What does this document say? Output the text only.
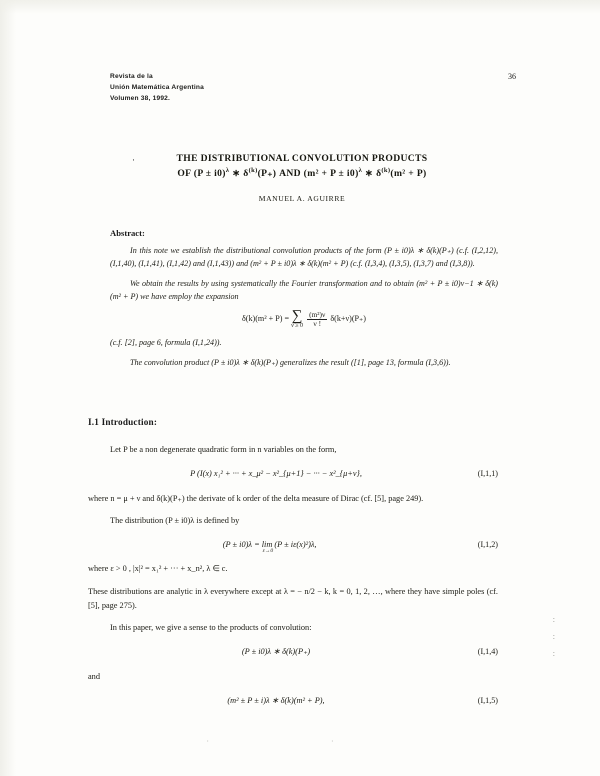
Revista de la
Unión Matemática Argentina
Volumen 38, 1992.
36
·	THE DISTRIBUTIONAL CONVOLUTION PRODUCTS
OF $(P \pm i0)^\lambda$ ∗ $\delta^{(k)}(P_+)$ AND $(m^2 + P \pm i0)^\lambda$ ∗ $\delta^{(k)}(m^2 + P)$
MANUEL A. AGUIRRE
Abstract:

In this note we establish the distributional convolution products of the form (P ± i0)λ ∗ δ(k)(P₊) (c.f. (I,2,12), (I,1,40), (I,1,41), (I,1,42) and (I,1,43)) and (m² + P ± i0)λ ∗ δ(k)(m² + P) (c.f. (I,3,4), (I,3,5), (I,3,7) and (I,3,8)).

We obtain the results by using systematically the Fourier transformation and to obtain (m² + P ± i0)ν−1 ∗ δ(k)(m² + P) we have employ the expansion

δ(k)(m² + P) = ∑
ν ≥ 0
$\frac{\text{(m²)ν}}{\nu !} \delta(k+\nu)(P_+)$

(c.f. [2], page 6, formula (I,1,24)).

The convolution product (P ± i0)λ ∗ δ(k)(P₊) generalizes the result ([1], page 13, formula (I,3,6)).

I.1 Introduction:

Let P be a non degenerate quadratic form in n variables on the form,

P (I(x) x₁² + ··· + x_μ² − x²_{μ+1} − ··· − x²_{μ+ν},	(I,1,1)

where n = μ + ν and δ(k)(P₊) the derivate of k order of the delta measure of Dirac (cf. [5], page 249).

The distribution (P ± i0)λ is defined by

(P ± i0)λ = lim (P ± iε(x)²)λ, $_{\varepsilon\to 0}$
(I,1,2)

where ε > 0 , |x|² = x₁² + ··· + x_n², λ ∈ c.

These distributions are analytic in λ everywhere except at λ = − n/2 − k, k = 0, 1, 2, …, where they have simple poles (cf. [5], page 275).

In this paper, we give a sense to the products of convolution:

(P ± i0)λ ∗ δ(k)(P₊)	(I,1,4)

and

(m² ± P ± i)λ ∗ δ(k)(m² + P),	(I,1,5)
:
:
:
· ·
